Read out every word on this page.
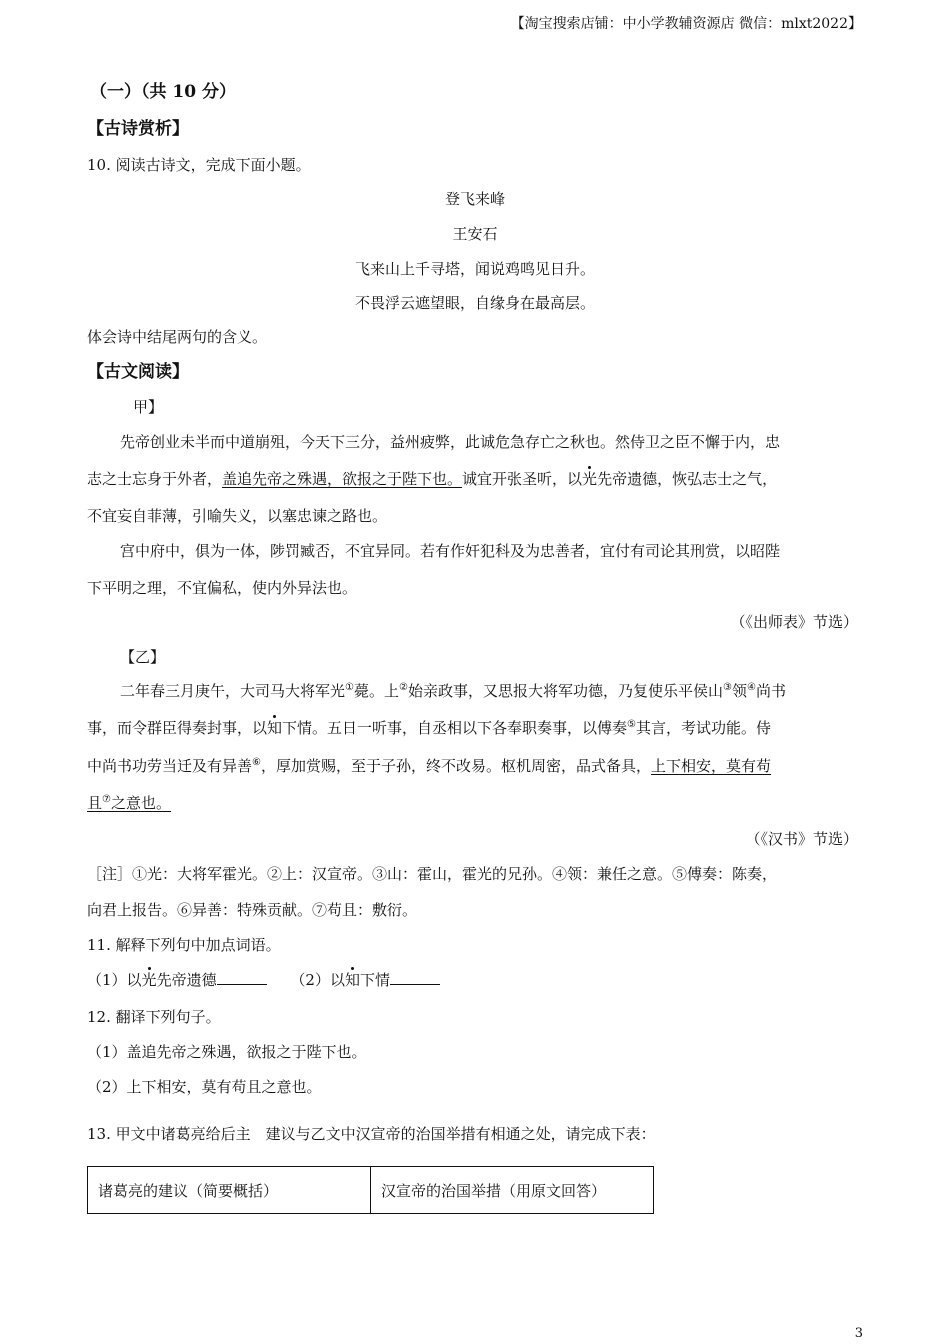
【淘宝搜索店铺：中小学教辅资源店 微信：mlxt2022】
（一）（共 10 分）
【古诗赏析】
10. 阅读古诗文，完成下面小题。
登飞来峰
王安石
飞来山上千寻塔，闻说鸡鸣见日升。
不畏浮云遮望眼，自缘身在最高层。
体会诗中结尾两句的含义。
【古文阅读】
甲】
先帝创业未半而中道崩殂，今天下三分，益州疲弊，此诚危急存亡之秋也。然侍卫之臣不懈于内，忠
志之士忘身于外者，盖追先帝之殊遇，欲报之于陛下也。诚宜开张圣听，以光先帝遗德，恢弘志士之气，
不宜妄自菲薄，引喻失义，以塞忠谏之路也。
宫中府中，俱为一体，陟罚臧否，不宜异同。若有作奸犯科及为忠善者，宜付有司论其刑赏，以昭陛
下平明之理，不宜偏私，使内外异法也。
（《出师表》节选）
【乙】
二年春三月庚午，大司马大将军光①薨。上②始亲政事，又思报大将军功德，乃复使乐平侯山③领④尚书
事，而令群臣得奏封事，以知下情。五日一听事，自丞相以下各奉职奏事，以傅奏⑤其言，考试功能。侍
中尚书功劳当迁及有异善⑥，厚加赏赐，至于子孙，终不改易。枢机周密，品式备具，上下相安，莫有苟
且⑦之意也。
（《汉书》节选）
［注］①光：大将军霍光。②上：汉宣帝。③山：霍山，霍光的兄孙。④领：兼任之意。⑤傅奏：陈奏，
向君上报告。⑥异善：特殊贡献。⑦苟且：敷衍。
11. 解释下列句中加点词语。
（1）以光先帝遗德	（2）以知下情
12. 翻译下列句子。
（1）盖追先帝之殊遇，欲报之于陛下也。
（2）上下相安，莫有苟且之意也。
13. 甲文中诸葛亮给后主　建议与乙文中汉宣帝的治国举措有相通之处，请完成下表：
诸葛亮的建议（简要概括）	汉宣帝的治国举措（用原文回答）
3
